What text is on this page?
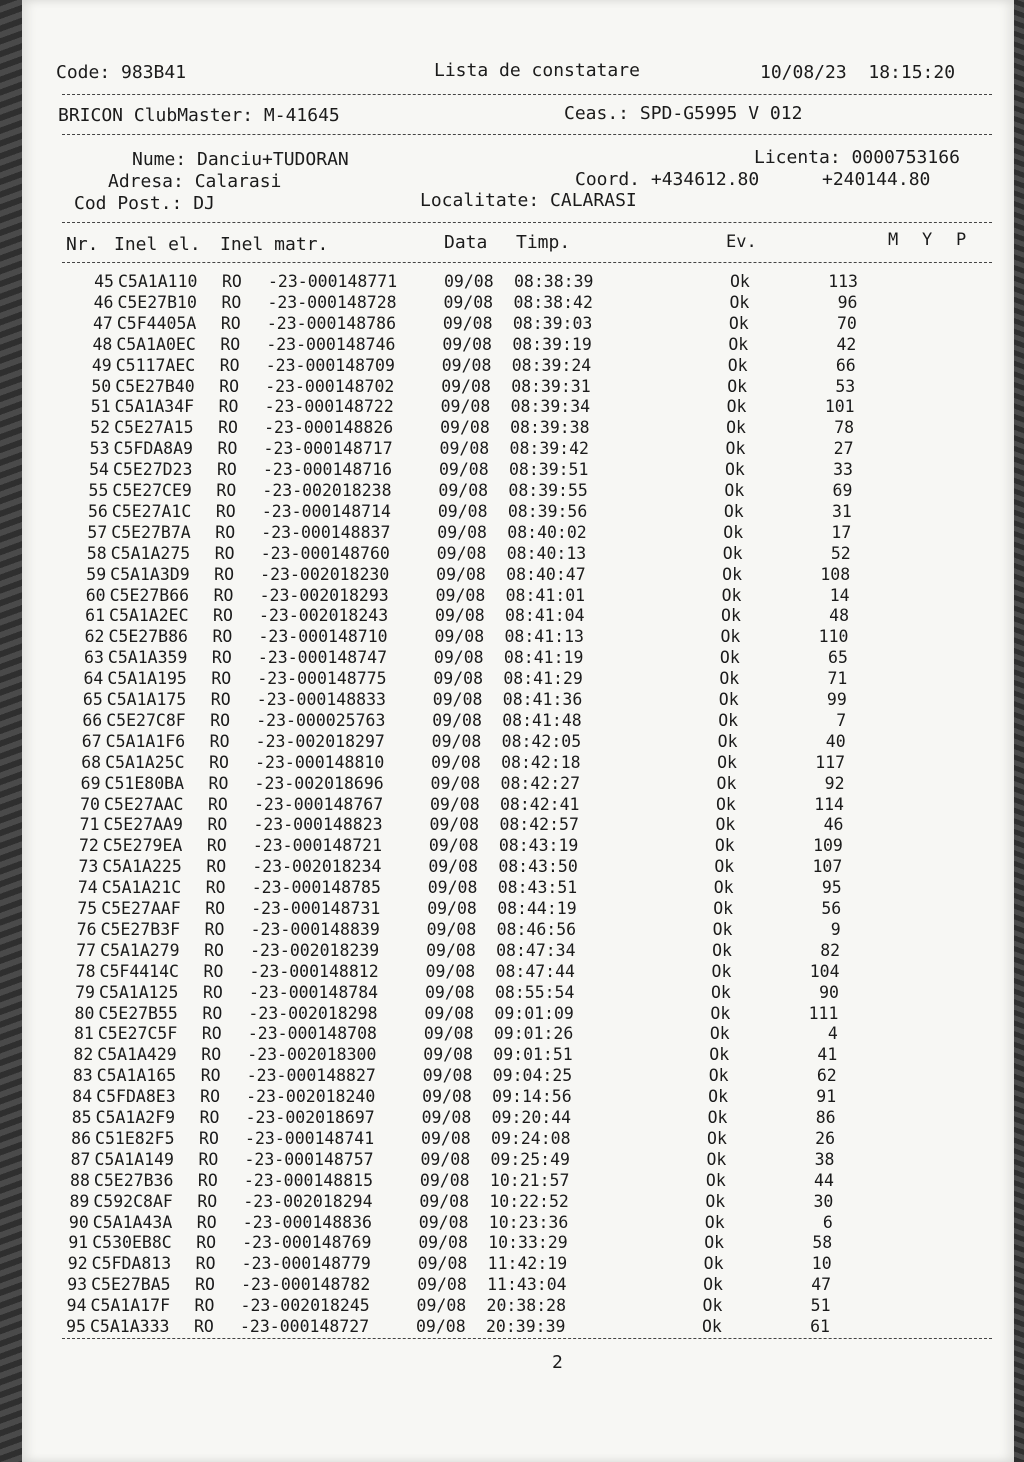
Code: 983B41	Lista de constatare	10/08/23  18:15:20
BRICON ClubMaster: M-41645	Ceas.: SPD-G5995 V 012
Nume: Danciu+TUDORAN	Licenta: 0000753166
Adresa: Calarasi	Coord. +434612.80	+240144.80
Cod Post.: DJ	Localitate: CALARASI
Nr. Inel el. Inel matr.	Data Timp.	Ev.	M Y P
45 C5A1A110 RO -23-000148771	09/08 08:38:39	Ok	113
46 C5E27B10 RO -23-000148728	09/08 08:38:42	Ok	96
47 C5F4405A RO -23-000148786	09/08 08:39:03	Ok	70
48 C5A1A0EC RO -23-000148746	09/08 08:39:19	Ok	42
49 C5117AEC RO -23-000148709	09/08 08:39:24	Ok	66
50 C5E27B40 RO -23-000148702	09/08 08:39:31	Ok	53
51 C5A1A34F RO -23-000148722	09/08 08:39:34	Ok	101
52 C5E27A15 RO -23-000148826	09/08 08:39:38	Ok	78
53 C5FDA8A9 RO -23-000148717	09/08 08:39:42	Ok	27
54 C5E27D23 RO -23-000148716	09/08 08:39:51	Ok	33
55 C5E27CE9 RO -23-002018238	09/08 08:39:55	Ok	69
56 C5E27A1C RO -23-000148714	09/08 08:39:56	Ok	31
57 C5E27B7A RO -23-000148837	09/08 08:40:02	Ok	17
58 C5A1A275 RO -23-000148760	09/08 08:40:13	Ok	52
59 C5A1A3D9 RO -23-002018230	09/08 08:40:47	Ok	108
60 C5E27B66 RO -23-002018293	09/08 08:41:01	Ok	14
61 C5A1A2EC RO -23-002018243	09/08 08:41:04	Ok	48
62 C5E27B86 RO -23-000148710	09/08 08:41:13	Ok	110
63 C5A1A359 RO -23-000148747	09/08 08:41:19	Ok	65
64 C5A1A195 RO -23-000148775	09/08 08:41:29	Ok	71
65 C5A1A175 RO -23-000148833	09/08 08:41:36	Ok	99
66 C5E27C8F RO -23-000025763	09/08 08:41:48	Ok	7
67 C5A1A1F6 RO -23-002018297	09/08 08:42:05	Ok	40
68 C5A1A25C RO -23-000148810	09/08 08:42:18	Ok	117
69 C51E80BA RO -23-002018696	09/08 08:42:27	Ok	92
70 C5E27AAC RO -23-000148767	09/08 08:42:41	Ok	114
71 C5E27AA9 RO -23-000148823	09/08 08:42:57	Ok	46
72 C5E279EA RO -23-000148721	09/08 08:43:19	Ok	109
73 C5A1A225 RO -23-002018234	09/08 08:43:50	Ok	107
74 C5A1A21C RO -23-000148785	09/08 08:43:51	Ok	95
75 C5E27AAF RO -23-000148731	09/08 08:44:19	Ok	56
76 C5E27B3F RO -23-000148839	09/08 08:46:56	Ok	9
77 C5A1A279 RO -23-002018239	09/08 08:47:34	Ok	82
78 C5F4414C RO -23-000148812	09/08 08:47:44	Ok	104
79 C5A1A125 RO -23-000148784	09/08 08:55:54	Ok	90
80 C5E27B55 RO -23-002018298	09/08 09:01:09	Ok	111
81 C5E27C5F RO -23-000148708	09/08 09:01:26	Ok	4
82 C5A1A429 RO -23-002018300	09/08 09:01:51	Ok	41
83 C5A1A165 RO -23-000148827	09/08 09:04:25	Ok	62
84 C5FDA8E3 RO -23-002018240	09/08 09:14:56	Ok	91
85 C5A1A2F9 RO -23-002018697	09/08 09:20:44	Ok	86
86 C51E82F5 RO -23-000148741	09/08 09:24:08	Ok	26
87 C5A1A149 RO -23-000148757	09/08 09:25:49	Ok	38
88 C5E27B36 RO -23-000148815	09/08 10:21:57	Ok	44
89 C592C8AF RO -23-002018294	09/08 10:22:52	Ok	30
90 C5A1A43A RO -23-000148836	09/08 10:23:36	Ok	6
91 C530EB8C RO -23-000148769	09/08 10:33:29	Ok	58
92 C5FDA813 RO -23-000148779	09/08 11:42:19	Ok	10
93 C5E27BA5 RO -23-000148782	09/08 11:43:04	Ok	47
94 C5A1A17F RO -23-002018245	09/08 20:38:28	Ok	51
95 C5A1A333 RO -23-000148727	09/08 20:39:39	Ok	61
2
